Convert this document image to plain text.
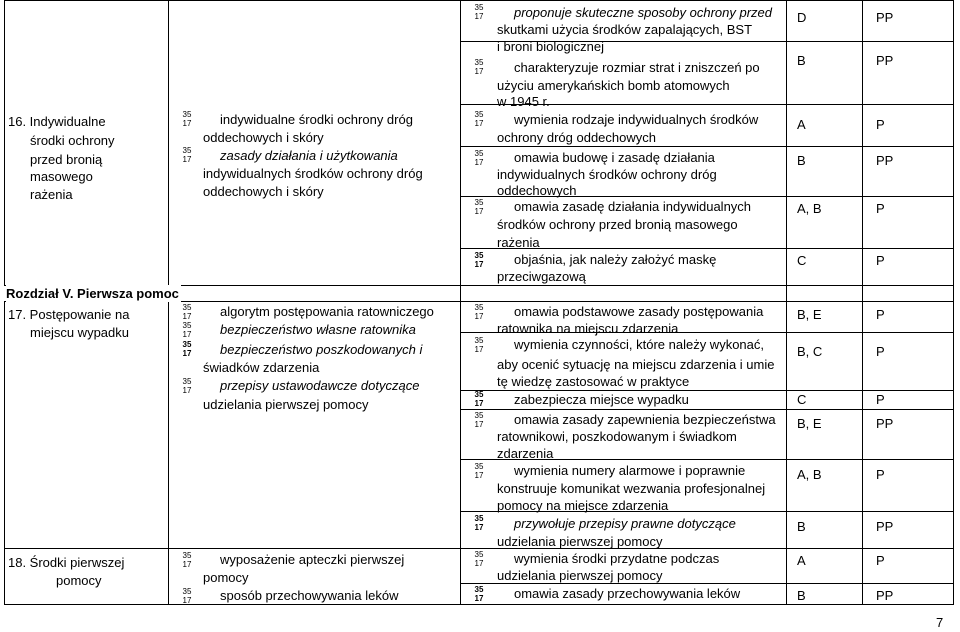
16. Indywidualne
środki ochrony
przed bronią
masowego
rażenia
17. Postępowanie na
miejscu wypadku
18. Środki pierwszej
pomocy
Rozdział V. Pierwsza pomoc
35
17 indywidualne środki ochrony dróg
oddechowych i skóry
35
17 zasady działania i użytkowania
indywidualnych środków ochrony dróg
oddechowych i skóry
35
17 algorytm postępowania ratowniczego
35
17 bezpieczeństwo własne ratownika
35
17 bezpieczeństwo poszkodowanych i
świadków zdarzenia
35
17 przepisy ustawodawcze dotyczące
udzielania pierwszej pomocy
35
17 wyposażenie apteczki pierwszej
pomocy
35
17 sposób przechowywania leków
35
17 proponuje skuteczne sposoby ochrony przed
skutkami użycia środków zapalających, BST
i broni biologicznej
35
17 charakteryzuje rozmiar strat i zniszczeń po
użyciu amerykańskich bomb atomowych
w 1945 r.
35
17 wymienia rodzaje indywidualnych środków
ochrony dróg oddechowych
35
17 omawia budowę i zasadę działania
indywidualnych środków ochrony dróg
oddechowych
35
17 omawia zasadę działania indywidualnych
środków ochrony przed bronią masowego
rażenia
35
17 objaśnia, jak należy założyć maskę
przeciwgazową
35
17 omawia podstawowe zasady postępowania
ratownika na miejscu zdarzenia
35
17 wymienia czynności, które należy wykonać,
aby ocenić sytuację na miejscu zdarzenia i umie
tę wiedzę zastosować w praktyce
35
17 zabezpiecza miejsce wypadku
35
17 omawia zasady zapewnienia bezpieczeństwa
ratownikowi, poszkodowanym i świadkom
zdarzenia
35
17 wymienia numery alarmowe i poprawnie
konstruuje komunikat wezwania profesjonalnej
pomocy na miejsce zdarzenia
35
17 przywołuje przepisy prawne dotyczące
udzielania pierwszej pomocy
35
17 wymienia środki przydatne podczas
udzielania pierwszej pomocy
35
17 omawia zasady przechowywania leków
D
B
A
B
A, B
C
B, E
B, C
C
B, E
A, B
B
A
B
PP
PP
P
PP
P
P
P
P
P
PP
P
PP
P
PP
7
